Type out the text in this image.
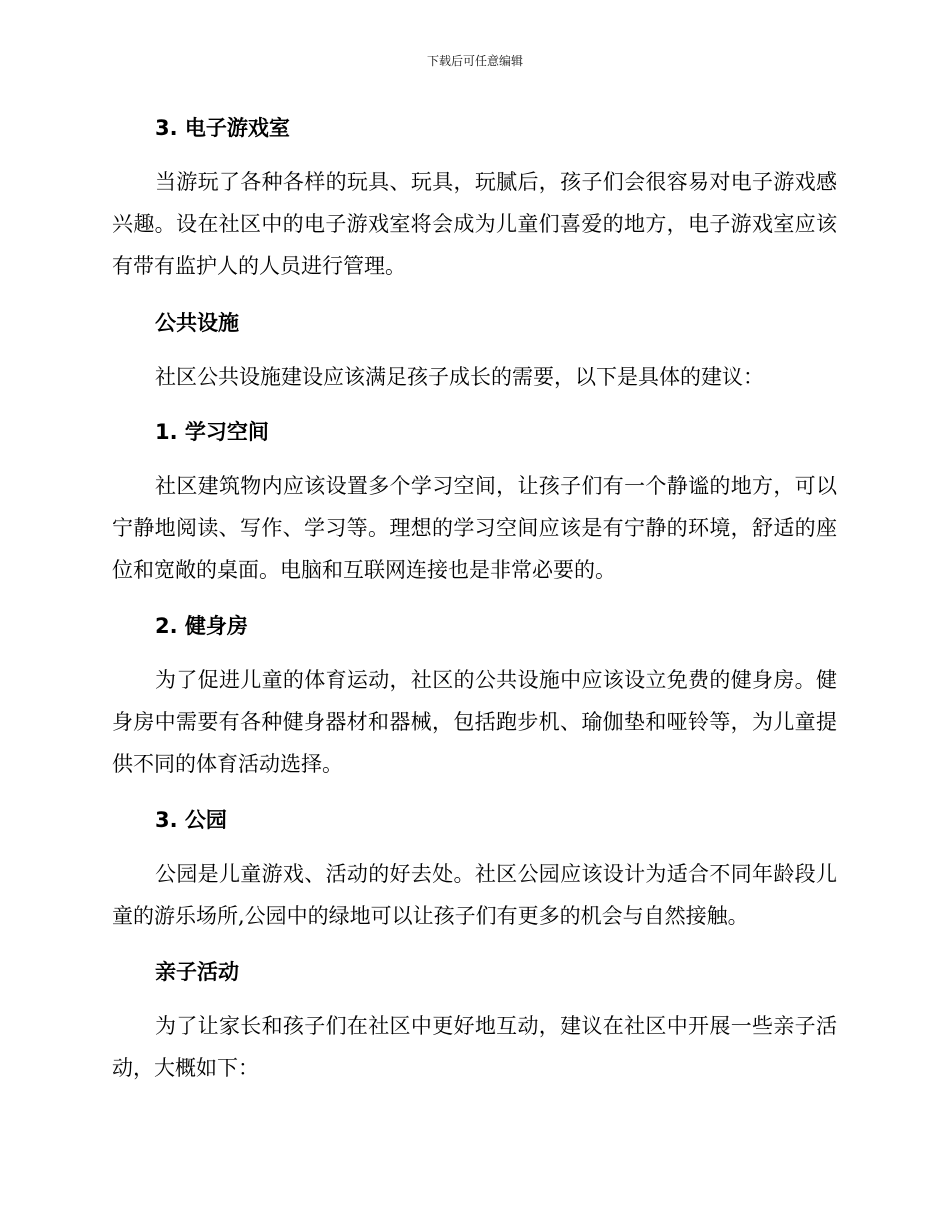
下载后可任意编辑
3. 电子游戏室
当游玩了各种各样的玩具、玩具，玩腻后，孩子们会很容易对电子游戏感兴趣。设在社区中的电子游戏室将会成为儿童们喜爱的地方，电子游戏室应该有带有监护人的人员进行管理。
公共设施
社区公共设施建设应该满足孩子成长的需要，以下是具体的建议：
1. 学习空间
社区建筑物内应该设置多个学习空间，让孩子们有一个静谧的地方，可以宁静地阅读、写作、学习等。理想的学习空间应该是有宁静的环境，舒适的座位和宽敞的桌面。电脑和互联网连接也是非常必要的。
2. 健身房
为了促进儿童的体育运动，社区的公共设施中应该设立免费的健身房。健身房中需要有各种健身器材和器械，包括跑步机、瑜伽垫和哑铃等，为儿童提供不同的体育活动选择。
3. 公园
公园是儿童游戏、活动的好去处。社区公园应该设计为适合不同年龄段儿童的游乐场所,公园中的绿地可以让孩子们有更多的机会与自然接触。
亲子活动
为了让家长和孩子们在社区中更好地互动，建议在社区中开展一些亲子活动，大概如下：
